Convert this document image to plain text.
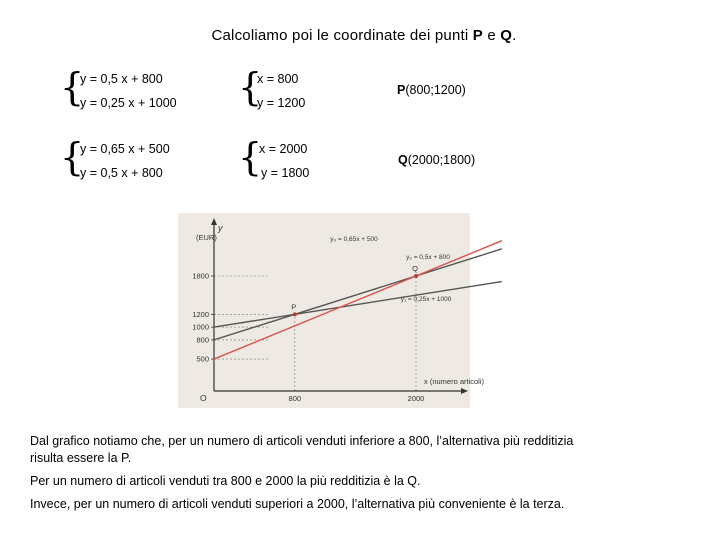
Calcoliamo poi le coordinate dei punti P e Q.
{
y = 0,5 x + 800
y = 0,25 x + 1000 {
x = 800
y = 1200
P(800;1200)
{
y = 0,65 x + 500
y = 0,5 x + 800 {
x = 2000
y = 1800
Q(2000;1800)
500
800
1000
1200
1800
800	2000
P
Q
y₁ = 0,25x + 1000
y₂ = 0,5x + 800
y₃ = 0,65x + 500
y
(EUR)
x (numero articoli)
O
Dal grafico notiamo che, per un numero di articoli venduti inferiore a 800, l’alternativa più redditizia
risulta essere la P.
Per un numero di articoli venduti tra 800 e 2000 la più redditizia è la Q.
Invece, per un numero di articoli venduti superiori a 2000, l’alternativa più conveniente è la terza.
